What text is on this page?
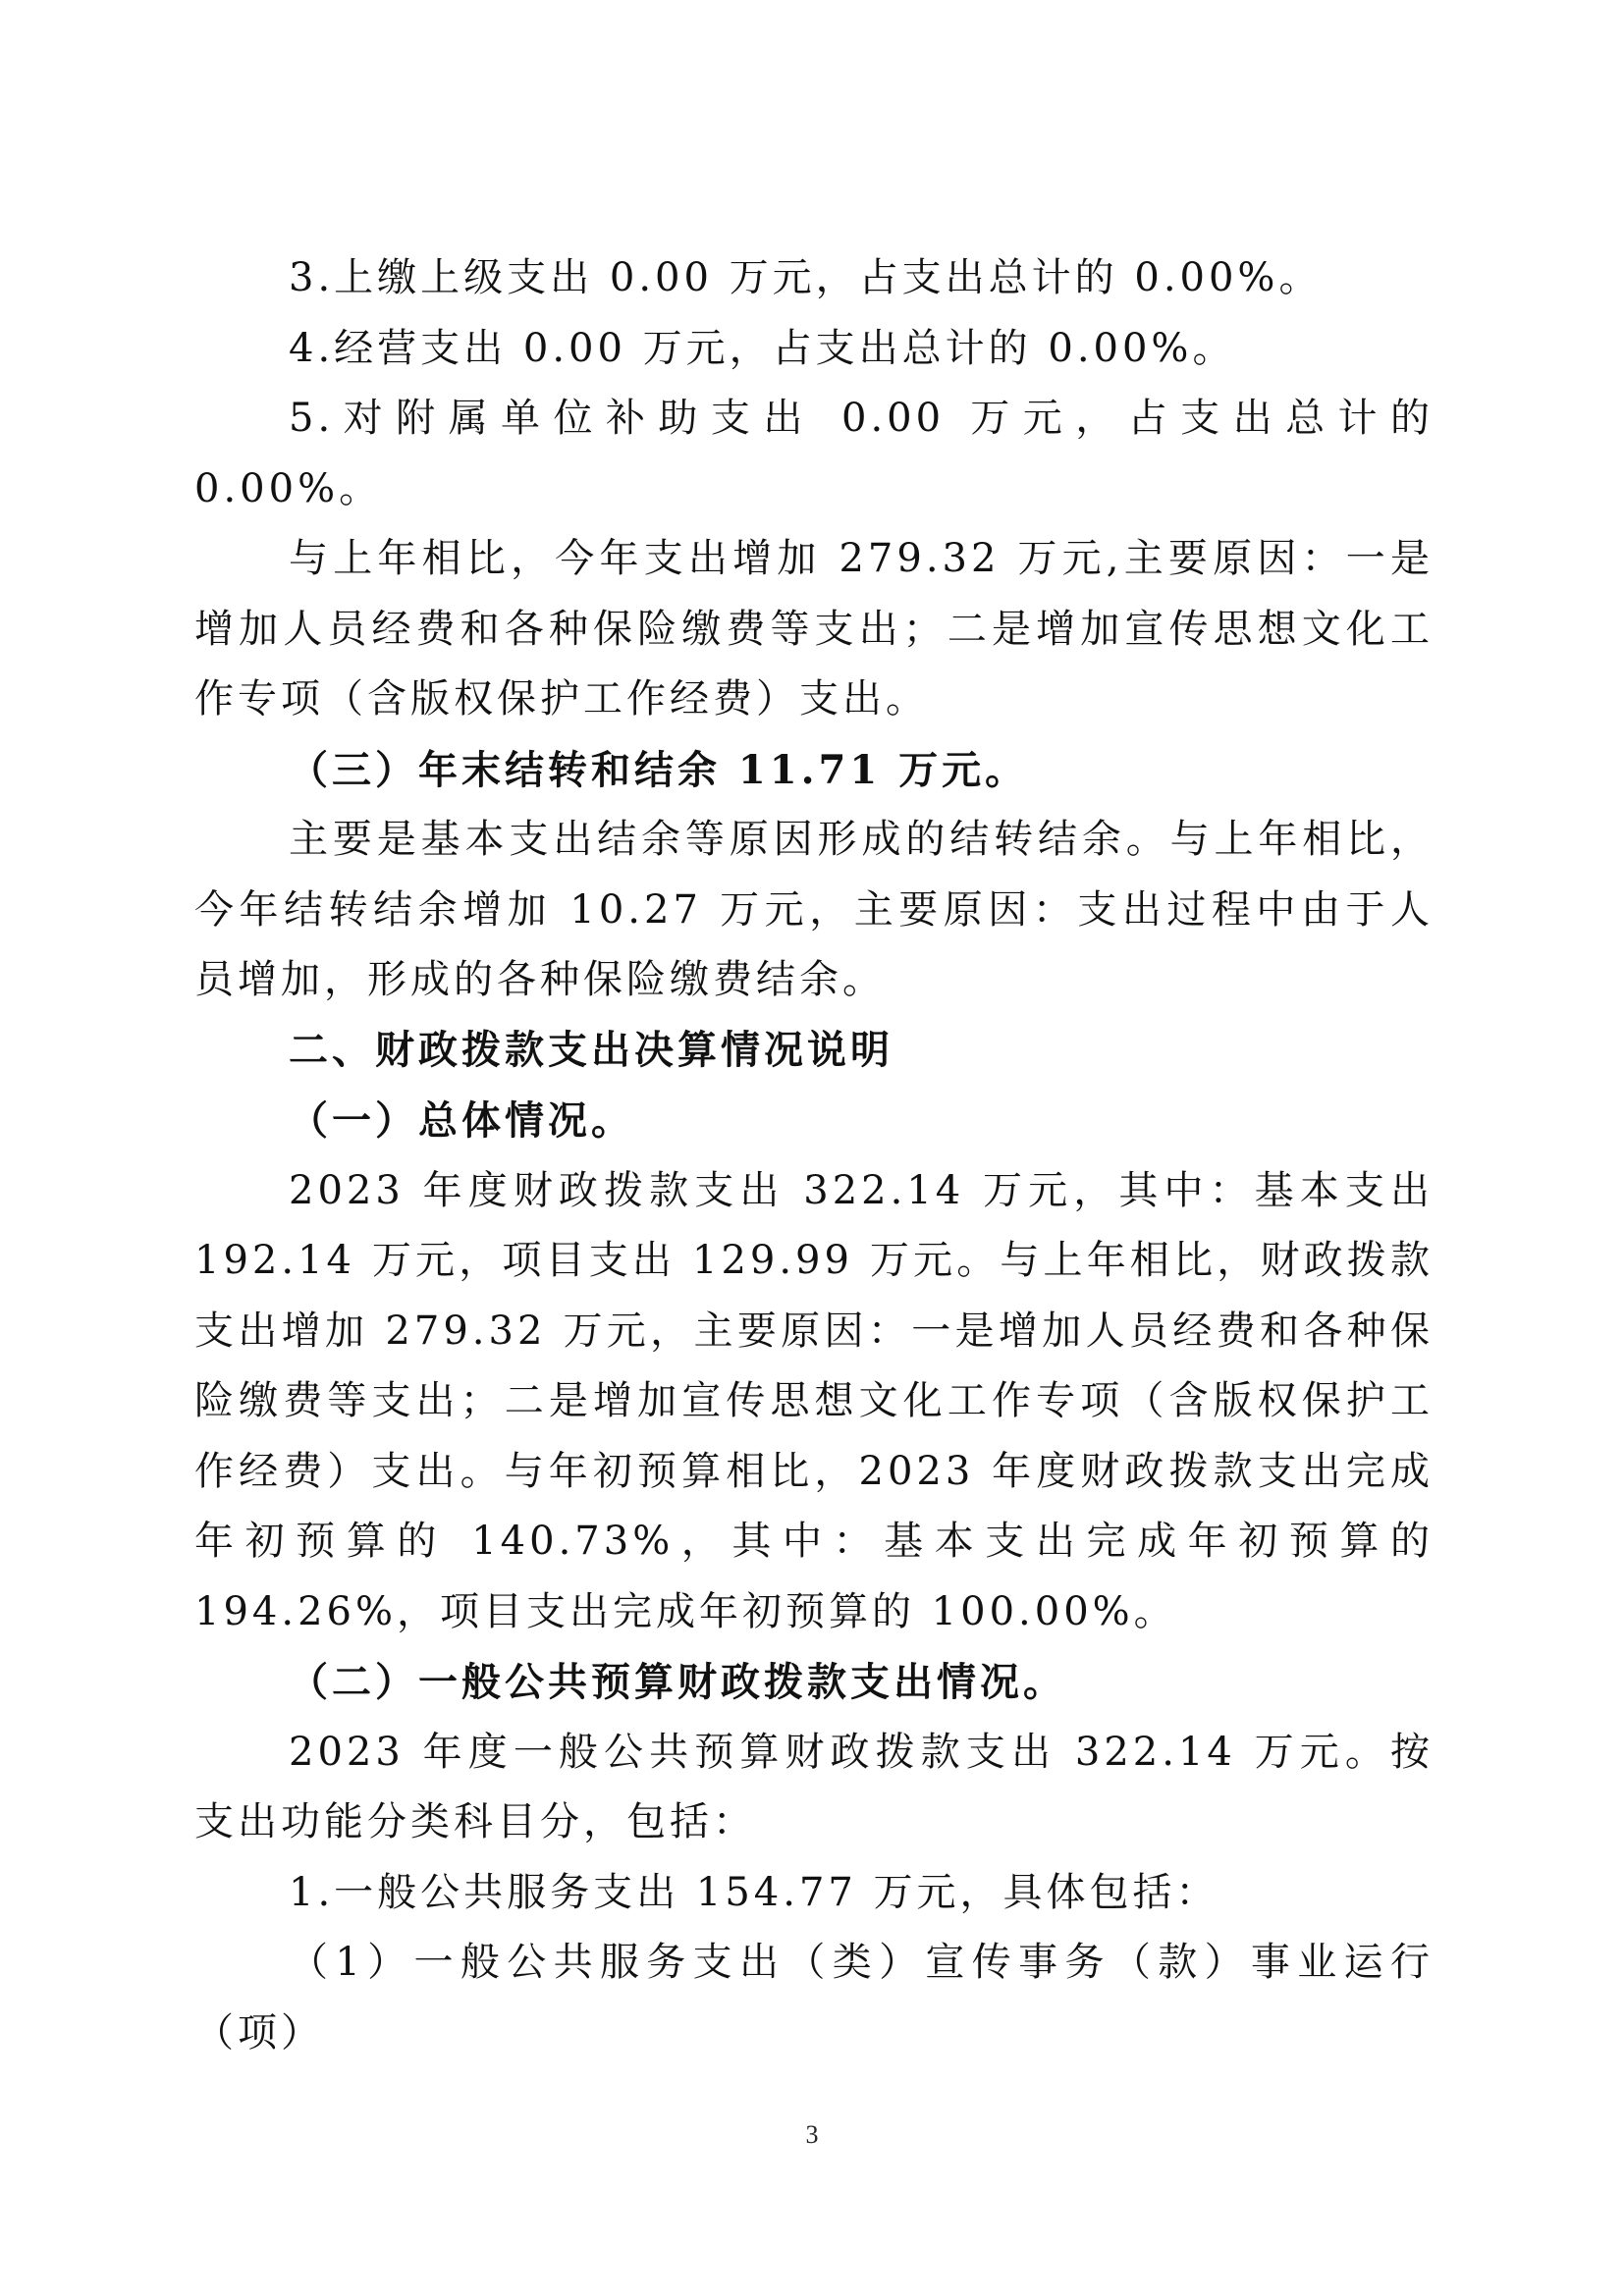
3.上缴上级支出 0.00 万元，占支出总计的 0.00%。

4.经营支出 0.00 万元，占支出总计的 0.00%。

5.对附属单位补助支出 0.00 万元，占支出总计的 0.00%。

与上年相比，今年支出增加 279.32 万元,主要原因：一是增加人员经费和各种保险缴费等支出；二是增加宣传思想文化工作专项（含版权保护工作经费）支出。

（三）年末结转和结余 11.71 万元。

主要是基本支出结余等原因形成的结转结余。与上年相比，今年结转结余增加 10.27 万元，主要原因：支出过程中由于人员增加，形成的各种保险缴费结余。

二、财政拨款支出决算情况说明

（一）总体情况。

2023 年度财政拨款支出 322.14 万元，其中：基本支出 192.14 万元，项目支出 129.99 万元。与上年相比，财政拨款支出增加 279.32 万元，主要原因：一是增加人员经费和各种保险缴费等支出；二是增加宣传思想文化工作专项（含版权保护工作经费）支出。与年初预算相比，2023 年度财政拨款支出完成年初预算的 140.73%，其中：基本支出完成年初预算的 194.26%，项目支出完成年初预算的 100.00%。

（二）一般公共预算财政拨款支出情况。

2023 年度一般公共预算财政拨款支出 322.14 万元。按支出功能分类科目分，包括：

1.一般公共服务支出 154.77 万元，具体包括：

（1）一般公共服务支出（类）宣传事务（款）事业运行（项）

3
